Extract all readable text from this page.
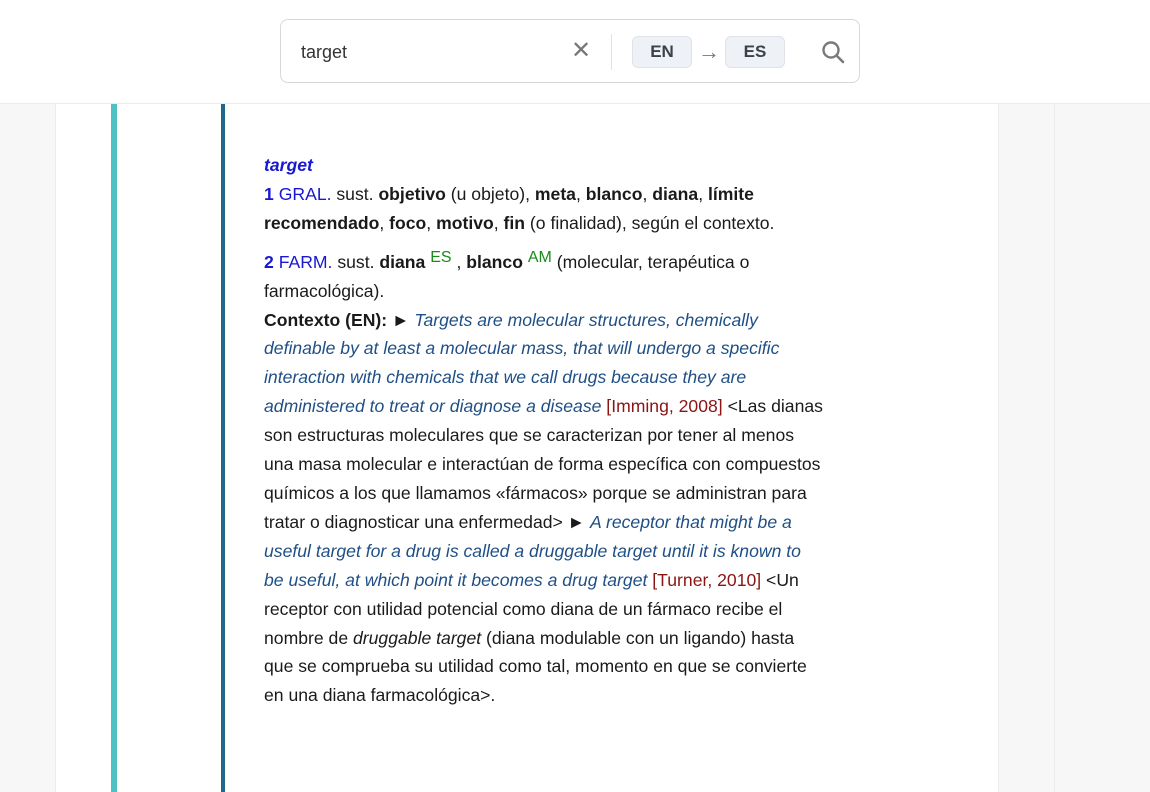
target
✕	EN	→	ES
target
1 GRAL. sust. objetivo (u objeto), meta, blanco, diana, límite recomendado, foco, motivo, fin (o finalidad), según el contexto.
2 FARM. sust. diana ES , blanco AM (molecular, terapéutica o farmacológica).
Contexto (EN): ► Targets are molecular structures, chemically definable by at least a molecular mass, that will undergo a specific interaction with chemicals that we call drugs because they are administered to treat or diagnose a disease [Imming, 2008] <Las dianas son estructuras moleculares que se caracterizan por tener al menos una masa molecular e interactúan de forma específica con compuestos químicos a los que llamamos «fármacos» porque se administran para tratar o diagnosticar una enfermedad> ► A receptor that might be a useful target for a drug is called a druggable target until it is known to be useful, at which point it becomes a drug target [Turner, 2010] <Un receptor con utilidad potencial como diana de un fármaco recibe el nombre de druggable target (diana modulable con un ligando) hasta que se comprueba su utilidad como tal, momento en que se convierte en una diana farmacológica>.
